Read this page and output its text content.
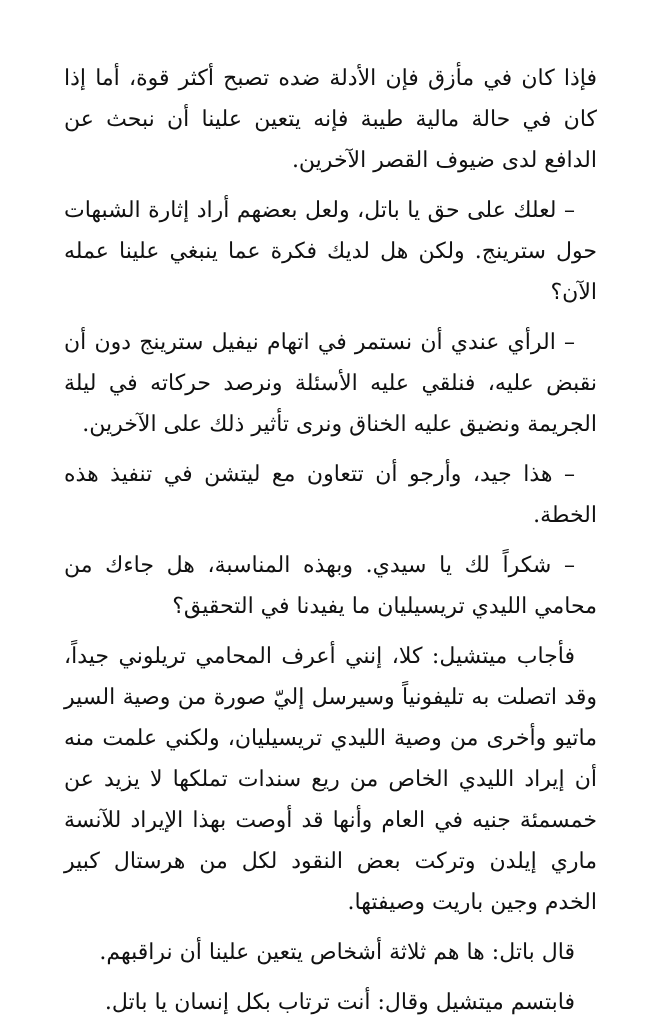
فإذا كان في مأزق فإن الأدلة ضده تصبح أكثر قوة، أما إذا كان في حالة مالية طيبة فإنه يتعين علينا أن نبحث عن الدافع لدى ضيوف القصر الآخرين.

– لعلك على حق يا باتل، ولعل بعضهم أراد إثارة الشبهات حول سترينج. ولكن هل لديك فكرة عما ينبغي علينا عمله الآن؟

– الرأي عندي أن نستمر في اتهام نيفيل سترينج دون أن نقبض عليه، فنلقي عليه الأسئلة ونرصد حركاته في ليلة الجريمة ونضيق عليه الخناق ونرى تأثير ذلك على الآخرين.

– هذا جيد، وأرجو أن تتعاون مع ليتشن في تنفيذ هذه الخطة.

– شكراً لك يا سيدي. وبهذه المناسبة، هل جاءك من محامي الليدي تريسيليان ما يفيدنا في التحقيق؟

فأجاب ميتشيل: كلا، إنني أعرف المحامي تريلوني جيداً، وقد اتصلت به تليفونياً وسيرسل إليّ صورة من وصية السير ماتيو وأخرى من وصية الليدي تريسيليان، ولكني علمت منه أن إيراد الليدي الخاص من ريع سندات تملكها لا يزيد عن خمسمئة جنيه في العام وأنها قد أوصت بهذا الإيراد للآنسة ماري إيلدن وتركت بعض النقود لكل من هرستال كبير الخدم وجين باريت وصيفتها.

قال باتل: ها هم ثلاثة أشخاص يتعين علينا أن نراقبهم.

فابتسم ميتشيل وقال: أنت ترتاب بكل إنسان يا باتل.
